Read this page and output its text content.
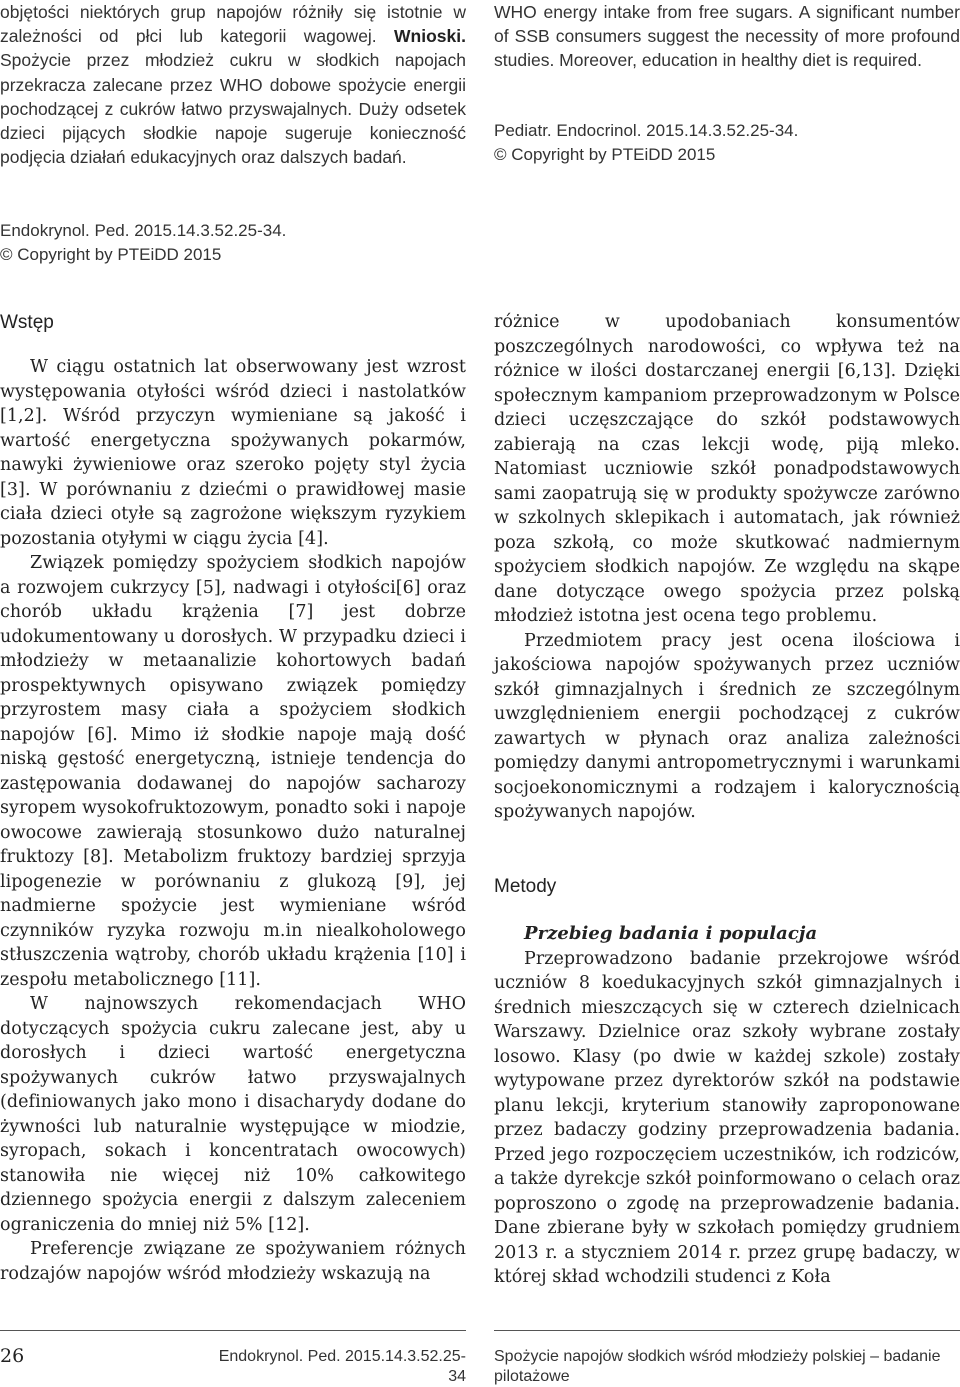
objętości niektórych grup napojów różniły się istotnie w zależności od płci lub kategorii wagowej. Wnioski. Spożycie przez młodzież cukru w słodkich napojach przekracza zalecane przez WHO dobowe spożycie energii pochodzącej z cukrów łatwo przyswajalnych. Duży odsetek dzieci pijących słodkie napoje sugeruje konieczność podjęcia działań edukacyjnych oraz dalszych badań.

Endokrynol. Ped. 2015.14.3.52.25-34.

© Copyright by PTEiDD 2015

WHO energy intake from free sugars. A significant number of SSB consumers suggest the necessity of more profound studies. Moreover, education in healthy diet is required.

Pediatr. Endocrinol. 2015.14.3.52.25-34.

© Copyright by PTEiDD 2015

Wstęp

W ciągu ostatnich lat obserwowany jest wzrost występowania otyłości wśród dzieci i nastolatków [1,2]. Wśród przyczyn wymieniane są jakość i wartość energetyczna spożywanych pokarmów, nawyki żywieniowe oraz szeroko pojęty styl życia [3]. W porównaniu z dziećmi o prawidłowej masie ciała dzieci otyłe są zagrożone większym ryzykiem pozostania otyłymi w ciągu życia [4].

Związek pomiędzy spożyciem słodkich napojów a rozwojem cukrzycy [5], nadwagi i otyłości[6] oraz chorób układu krążenia [7] jest dobrze udokumentowany u dorosłych. W przypadku dzieci i młodzieży w metaanalizie kohortowych badań prospektywnych opisywano związek pomiędzy przyrostem masy ciała a spożyciem słodkich napojów [6]. Mimo iż słodkie napoje mają dość niską gęstość energetyczną, istnieje tendencja do zastępowania dodawanej do napojów sacharozy syropem wysokofruktozowym, ponadto soki i napoje owocowe zawierają stosunkowo dużo naturalnej fruktozy [8]. Metabolizm fruktozy bardziej sprzyja lipogenezie w porównaniu z glukozą [9], jej nadmierne spożycie jest wymieniane wśród czynników ryzyka rozwoju m.in niealkoholowego stłuszczenia wątroby, chorób układu krążenia [10] i zespołu metabolicznego [11].

W najnowszych rekomendacjach WHO dotyczących spożycia cukru zalecane jest, aby u dorosłych i dzieci wartość energetyczna spożywanych cukrów łatwo przyswajalnych (definiowanych jako mono i disacharydy dodane do żywności lub naturalnie występujące w miodzie, syropach, sokach i koncentratach owocowych) stanowiła nie więcej niż 10% całkowitego dziennego spożycia energii z dalszym zaleceniem ograniczenia do mniej niż 5% [12].

Preferencje związane ze spożywaniem różnych rodzajów napojów wśród młodzieży wskazują na

różnice w upodobaniach konsumentów poszczególnych narodowości, co wpływa też na różnice w ilości dostarczanej energii [6,13]. Dzięki społecznym kampaniom przeprowadzonym w Polsce dzieci uczęszczające do szkół podstawowych zabierają na czas lekcji wodę, piją mleko. Natomiast uczniowie szkół ponadpodstawowych sami zaopatrują się w produkty spożywcze zarówno w szkolnych sklepikach i automatach, jak również poza szkołą, co może skutkować nadmiernym spożyciem słodkich napojów. Ze względu na skąpe dane dotyczące owego spożycia przez polską młodzież istotna jest ocena tego problemu.

Przedmiotem pracy jest ocena ilościowa i jakościowa napojów spożywanych przez uczniów szkół gimnazjalnych i średnich ze szczególnym uwzględnieniem energii pochodzącej z cukrów zawartych w płynach oraz analiza zależności pomiędzy danymi antropometrycznymi i warunkami socjoekonomicznymi a rodzajem i kalorycznością spożywanych napojów.

Metody

Przebieg badania i populacja

Przeprowadzono badanie przekrojowe wśród uczniów 8 koedukacyjnych szkół gimnazjalnych i średnich mieszczących się w czterech dzielnicach Warszawy. Dzielnice oraz szkoły wybrane zostały losowo. Klasy (po dwie w każdej szkole) zostały wytypowane przez dyrektorów szkół na podstawie planu lekcji, kryterium stanowiły zaproponowane przez badaczy godziny przeprowadzenia badania. Przed jego rozpoczęciem uczestników, ich rodziców, a także dyrekcje szkół poinformowano o celach oraz poproszono o zgodę na przeprowadzenie badania. Dane zbierane były w szkołach pomiędzy grudniem 2013 r. a styczniem 2014 r. przez grupę badaczy, w której skład wchodzili studenci z Koła

26	Endokrynol. Ped. 2015.14.3.52.25-34
Spożycie napojów słodkich wśród młodzieży polskiej – badanie pilotażowe
